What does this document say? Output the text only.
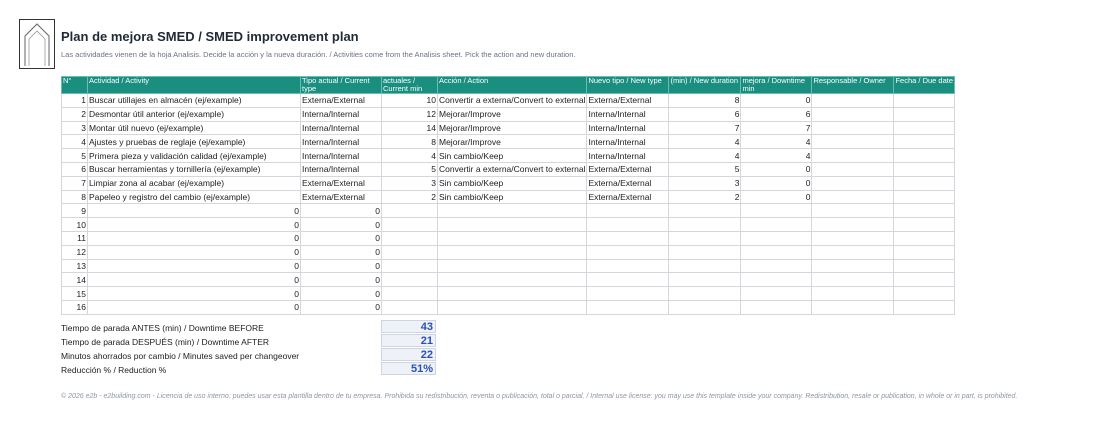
Plan de mejora SMED / SMED improvement plan
Las actividades vienen de la hoja Analisis. Decide la acción y la nueva duración. / Activities come from the Analisis sheet. Pick the action and new duration.
N°	Actividad / Activity	Tipo actual / Current type	actuales / Current min	Acción / Action	Nuevo tipo / New type	(min) / New duration	mejora / Downtime min	Responsable / Owner	Fecha / Due date
1	Buscar utillajes en almacén (ej/example)	Externa/External	10	Convertir a externa/Convert to external	Externa/External	8	0		
2	Desmontar útil anterior (ej/example)	Interna/Internal	12	Mejorar/Improve	Interna/Internal	6	6		
3	Montar útil nuevo (ej/example)	Interna/Internal	14	Mejorar/Improve	Interna/Internal	7	7		
4	Ajustes y pruebas de reglaje (ej/example)	Interna/Internal	8	Mejorar/Improve	Interna/Internal	4	4		
5	Primera pieza y validación calidad (ej/example)	Interna/Internal	4	Sin cambio/Keep	Interna/Internal	4	4		
6	Buscar herramientas y tornillería (ej/example)	Interna/Internal	5	Convertir a externa/Convert to external	Externa/External	5	0		
7	Limpiar zona al acabar (ej/example)	Externa/External	3	Sin cambio/Keep	Externa/External	3	0		
8	Papeleo y registro del cambio (ej/example)	Externa/External	2	Sin cambio/Keep	Externa/External	2	0		
9	0	0							
10	0	0							
11	0	0							
12	0	0							
13	0	0							
14	0	0							
15	0	0							
16	0	0							
Tiempo de parada ANTES (min) / Downtime BEFORE	43
Tiempo de parada DESPUÉS (min) / Downtime AFTER	21
Minutos ahorrados por cambio / Minutes saved per changeover	22
Reducción % / Reduction %	51%
© 2026 e2b - e2building.com - Licencia de uso interno: puedes usar esta plantilla dentro de tu empresa. Prohibida su redistribución, reventa o publicación, total o parcial. / Internal use license: you may use this template inside your company. Redistribution, resale or publication, in whole or in part, is prohibited.
